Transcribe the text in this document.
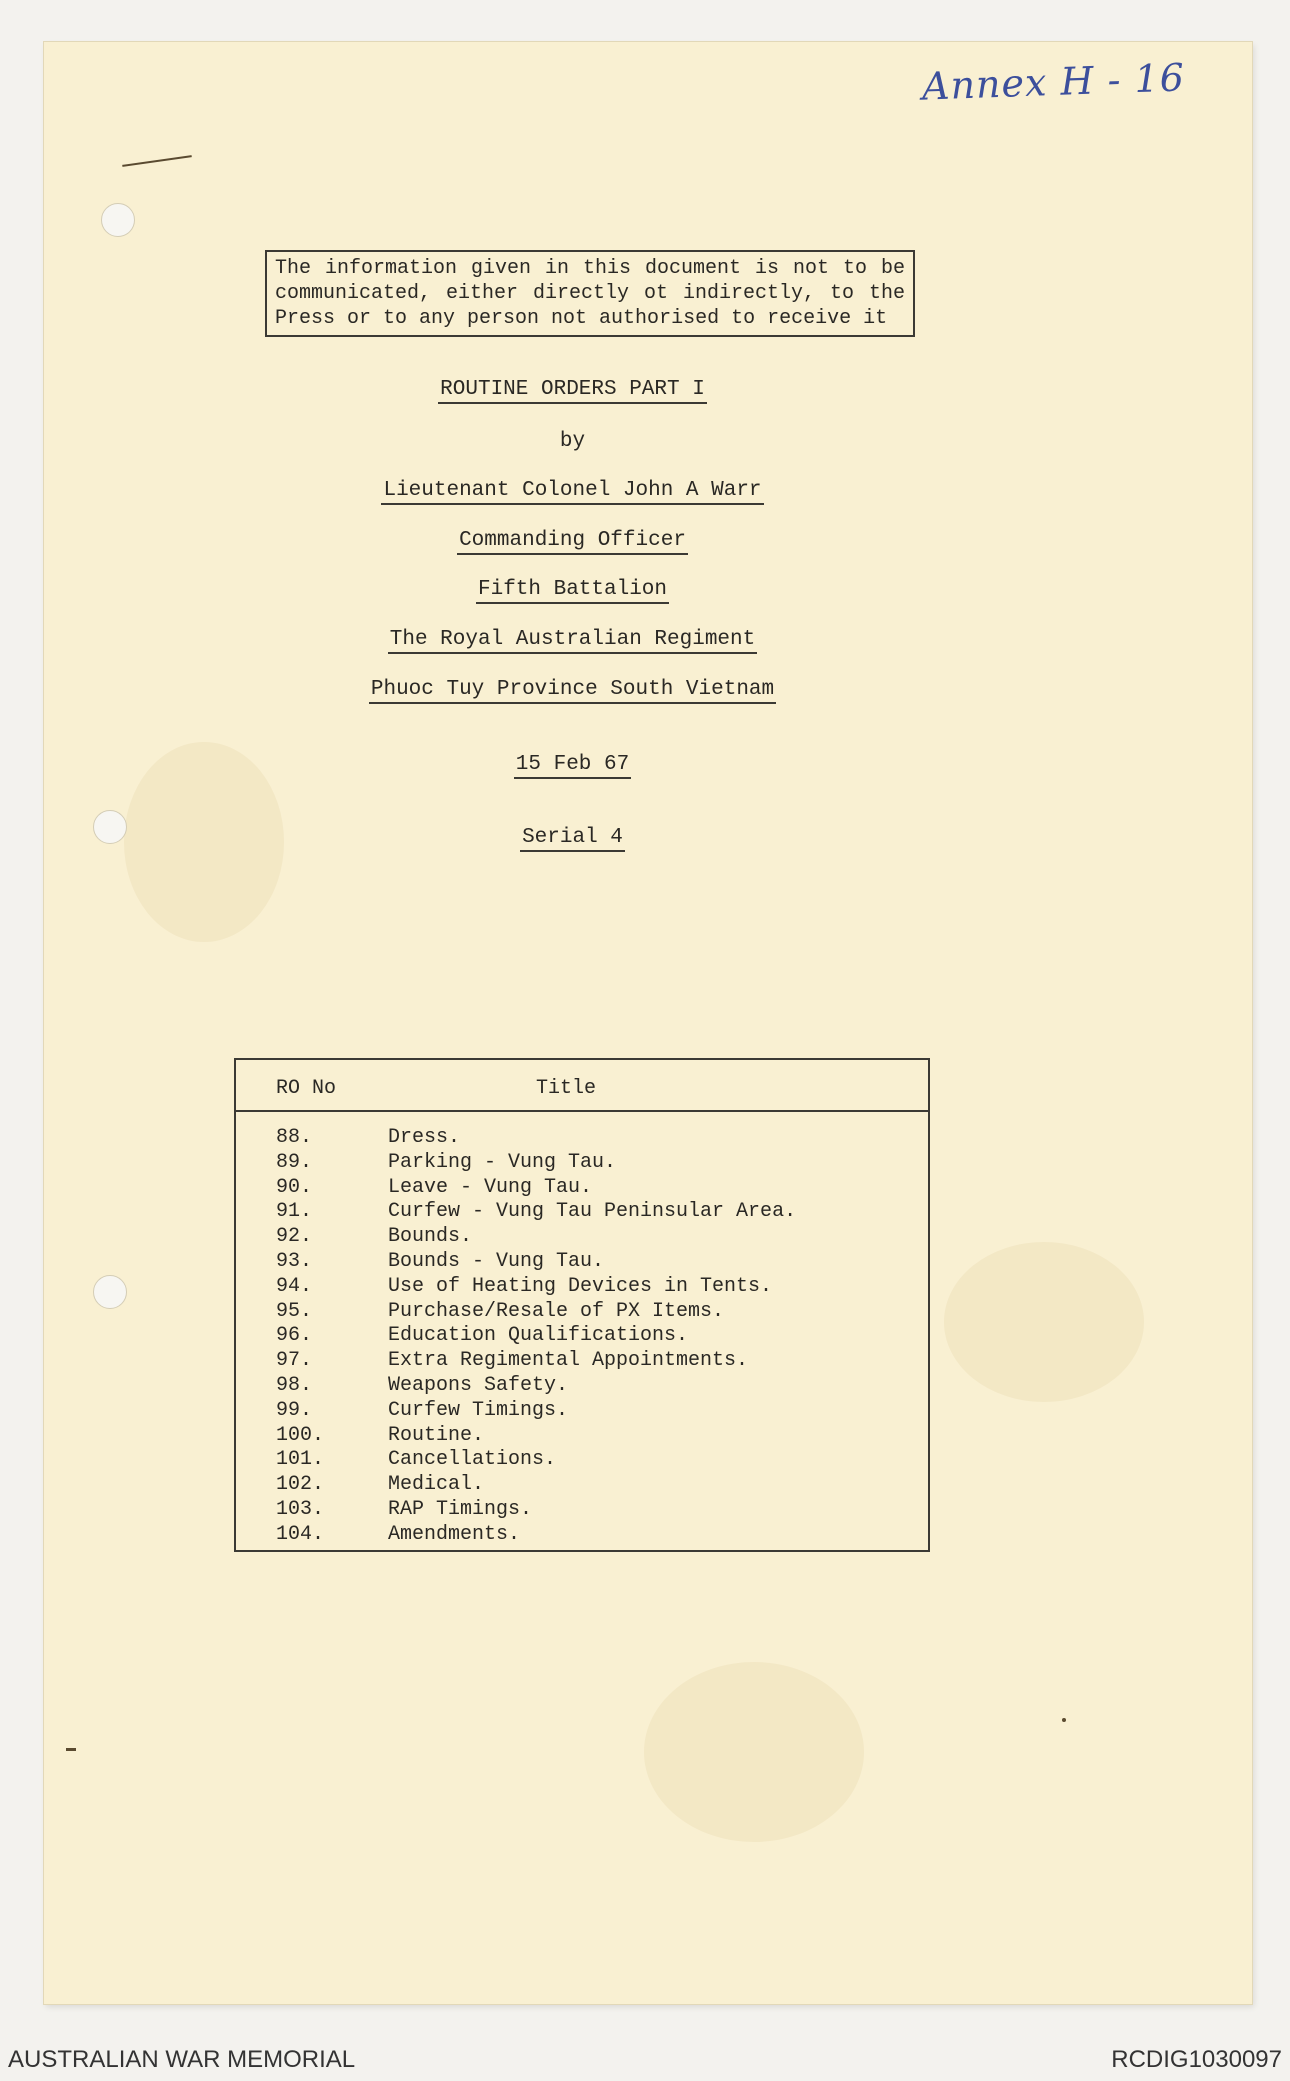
Annex H - 16
The information given in this document is not to be communicated, either directly ot indirectly, to the Press or to any person not authorised to receive it
ROUTINE ORDERS PART I
by
Lieutenant Colonel John A Warr
Commanding Officer
Fifth Battalion
The Royal Australian Regiment
Phuoc Tuy Province South Vietnam
15 Feb 67
Serial 4
RO No	Title
88.	Dress.
89.	Parking - Vung Tau.
90.	Leave - Vung Tau.
91.	Curfew - Vung Tau Peninsular Area.
92.	Bounds.
93.	Bounds - Vung Tau.
94.	Use of Heating Devices in Tents.
95.	Purchase/Resale of PX Items.
96.	Education Qualifications.
97.	Extra Regimental Appointments.
98.	Weapons Safety.
99.	Curfew Timings.
100.	Routine.
101.	Cancellations.
102.	Medical.
103.	RAP Timings.
104.	Amendments.
AUSTRALIAN WAR MEMORIAL	RCDIG1030097
